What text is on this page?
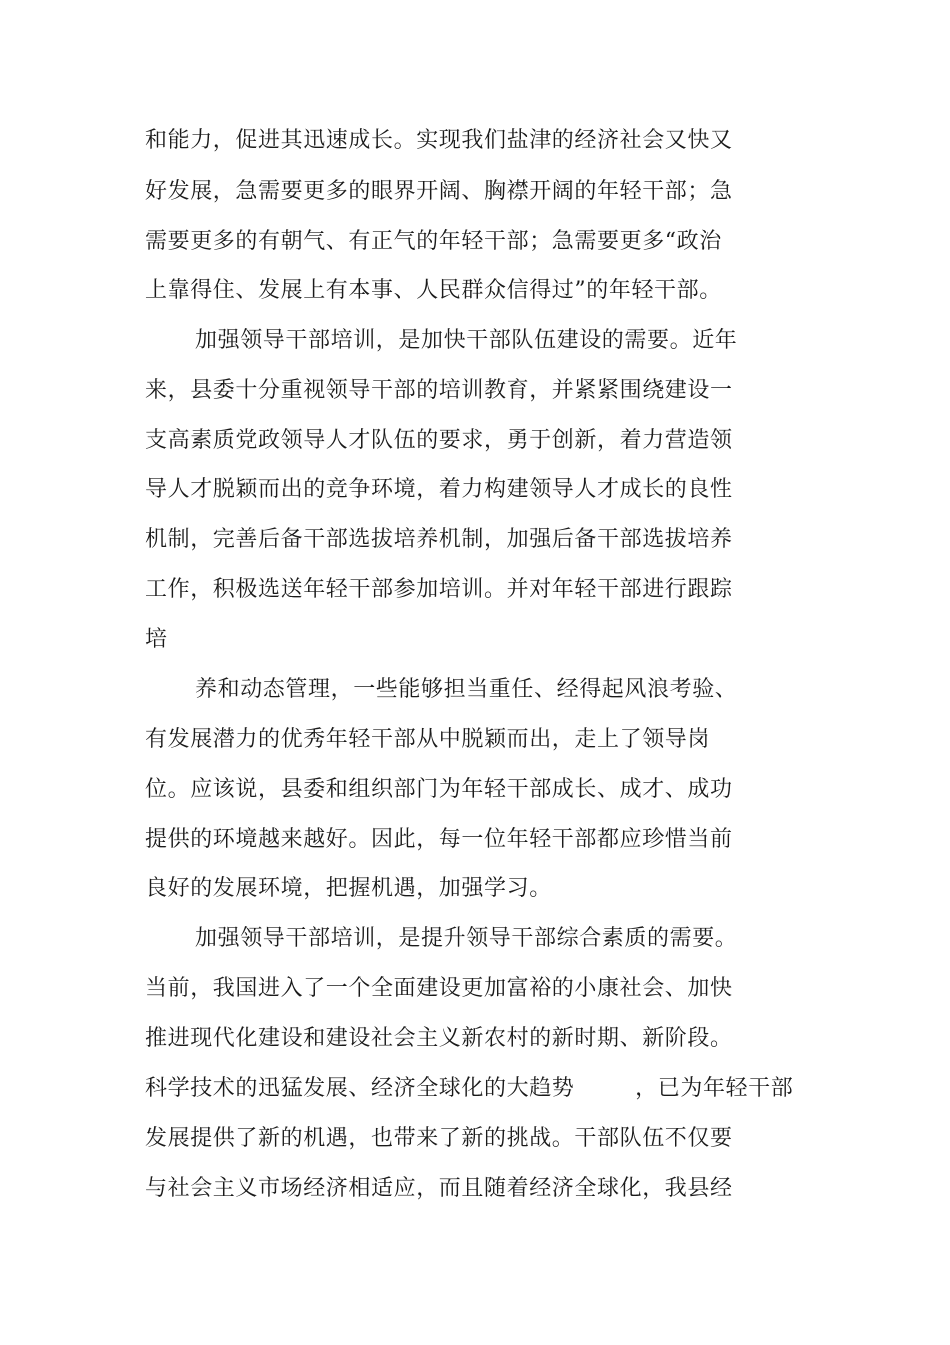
和能力，促进其迅速成长。实现我们盐津的经济社会又快又
好发展，急需要更多的眼界开阔、胸襟开阔的年轻干部；急
需要更多的有朝气、有正气的年轻干部；急需要更多“政治
上靠得住、发展上有本事、人民群众信得过”的年轻干部。
加强领导干部培训，是加快干部队伍建设的需要。近年
来，县委十分重视领导干部的培训教育，并紧紧围绕建设一
支高素质党政领导人才队伍的要求，勇于创新，着力营造领
导人才脱颖而出的竞争环境，着力构建领导人才成长的良性
机制，完善后备干部选拔培养机制，加强后备干部选拔培养
工作，积极选送年轻干部参加培训。并对年轻干部进行跟踪
培
养和动态管理，一些能够担当重任、经得起风浪考验、
有发展潜力的优秀年轻干部从中脱颖而出，走上了领导岗
位。应该说，县委和组织部门为年轻干部成长、成才、成功
提供的环境越来越好。因此，每一位年轻干部都应珍惜当前
良好的发展环境，把握机遇，加强学习。
加强领导干部培训，是提升领导干部综合素质的需要。
当前，我国进入了一个全面建设更加富裕的小康社会、加快
推进现代化建设和建设社会主义新农村的新时期、新阶段。
科学技术的迅猛发展、经济全球化的大趋势        ，已为年轻干部
发展提供了新的机遇，也带来了新的挑战。干部队伍不仅要
与社会主义市场经济相适应，而且随着经济全球化，我县经
